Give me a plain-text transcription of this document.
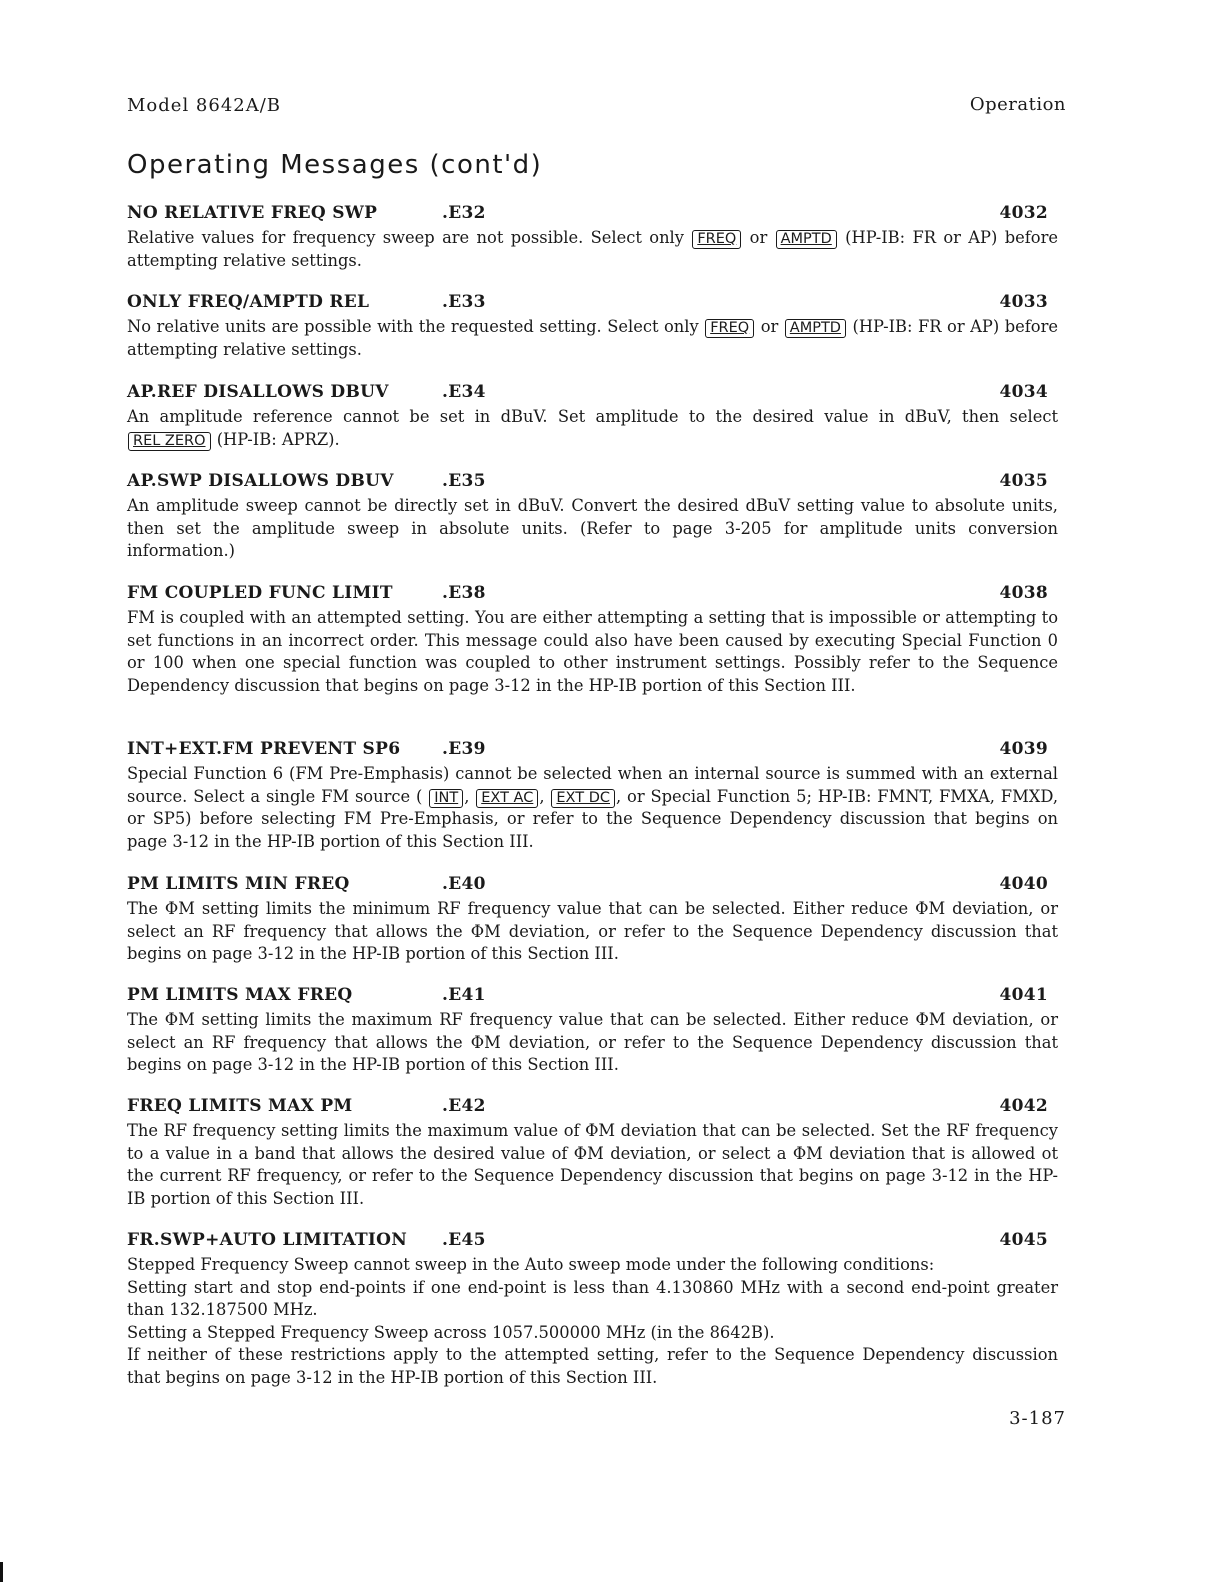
Model 8642A/B	Operation
Operating Messages (cont'd)
NO RELATIVE FREQ SWP	.E32	4032

Relative values for frequency sweep are not possible. Select only FREQ or AMPTD (HP-IB: FR or AP) before attempting relative settings.

ONLY FREQ/AMPTD REL	.E33	4033

No relative units are possible with the requested setting. Select only FREQ or AMPTD (HP-IB: FR or AP) before attempting relative settings.

AP.REF DISALLOWS DBUV	.E34	4034

An amplitude reference cannot be set in dBuV. Set amplitude to the desired value in dBuV, then select REL ZERO (HP-IB: APRZ).

AP.SWP DISALLOWS DBUV	.E35	4035

An amplitude sweep cannot be directly set in dBuV. Convert the desired dBuV setting value to absolute units, then set the amplitude sweep in absolute units. (Refer to page 3-205 for amplitude units conversion information.)

FM COUPLED FUNC LIMIT	.E38	4038

FM is coupled with an attempted setting. You are either attempting a setting that is impossible or attempting to set functions in an incorrect order. This message could also have been caused by executing Special Function 0 or 100 when one special function was coupled to other instrument settings. Possibly refer to the Sequence Dependency discussion that begins on page 3-12 in the HP-IB portion of this Section III.

INT+EXT.FM PREVENT SP6 .E39	4039

Special Function 6 (FM Pre-Emphasis) cannot be selected when an internal source is summed with an external source. Select a single FM source ( INT , EXT AC , EXT DC , or Special Function 5; HP-IB: FMNT, FMXA, FMXD, or SP5) before selecting FM Pre-Emphasis, or refer to the Sequence Dependency discussion that begins on page 3-12 in the HP-IB portion of this Section III.

PM LIMITS MIN FREQ	.E40	4040

The ΦM setting limits the minimum RF frequency value that can be selected. Either reduce ΦM deviation, or select an RF frequency that allows the ΦM deviation, or refer to the Sequence Dependency discussion that begins on page 3-12 in the HP-IB portion of this Section III.

PM LIMITS MAX FREQ	.E41	4041

The ΦM setting limits the maximum RF frequency value that can be selected. Either reduce ΦM deviation, or select an RF frequency that allows the ΦM deviation, or refer to the Sequence Dependency discussion that begins on page 3-12 in the HP-IB portion of this Section III.

FREQ LIMITS MAX PM	.E42	4042

The RF frequency setting limits the maximum value of ΦM deviation that can be selected. Set the RF frequency to a value in a band that allows the desired value of ΦM deviation, or select a ΦM deviation that is allowed ot the current RF frequency, or refer to the Sequence Dependency discussion that begins on page 3-12 in the HP-IB portion of this Section III.

FR.SWP+AUTO LIMITATION .E45	4045

Stepped Frequency Sweep cannot sweep in the Auto sweep mode under the following conditions:
Setting start and stop end-points if one end-point is less than 4.130860 MHz with a second end-point greater than 132.187500 MHz.
Setting a Stepped Frequency Sweep across 1057.500000 MHz (in the 8642B).
If neither of these restrictions apply to the attempted setting, refer to the Sequence Dependency discussion that begins on page 3-12 in the HP-IB portion of this Section III.

3-187
